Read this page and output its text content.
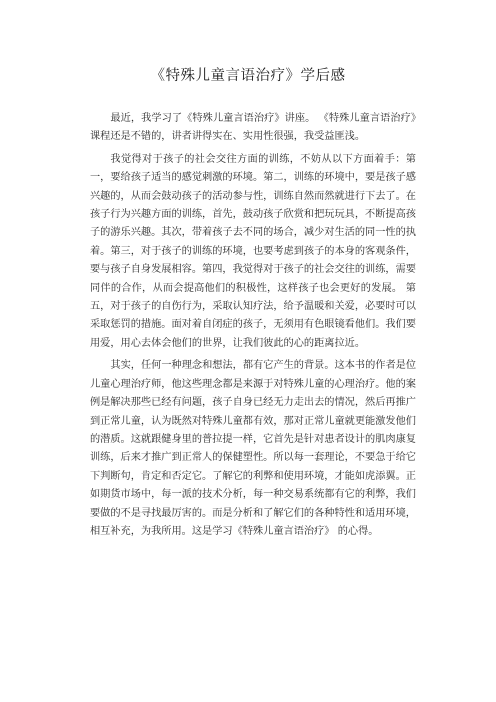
《特殊儿童言语治疗》学后感

最近，我学习了《特殊儿童言语治疗》讲座。 《特殊儿童言语治疗》课程还是不错的，讲者讲得实在、实用性很强，我受益匪浅。

我觉得对于孩子的社会交往方面的训练，不妨从以下方面着手：第一，要给孩子适当的感觉刺激的环境。第二，训练的环境中，要是孩子感兴趣的，从而会鼓动孩子的活动参与性，训练自然而然就进行下去了。在孩子行为兴趣方面的训练，首先，鼓动孩子欣赏和把玩玩具，不断提高孩子的游乐兴趣。其次，带着孩子去不同的场合，减少对生活的同一性的执着。第三，对于孩子的训练的环境，也要考虑到孩子的本身的客观条件，要与孩子自身发展相容。第四，我觉得对于孩子的社会交往的训练，需要同伴的合作，从而会提高他们的积极性，这样孩子也会更好的发展。 第五，对于孩子的自伤行为，采取认知疗法，给予温暖和关爱，必要时可以采取惩罚的措施。面对着自闭症的孩子，无须用有色眼镜看他们。我们要用爱，用心去体会他们的世界，让我们彼此的心的距离拉近。

其实，任何一种理念和想法，都有它产生的背景。这本书的作者是位儿童心理治疗师，他这些理念都是来源于对特殊儿童的心理治疗。他的案例是解决那些已经有问题，孩子自身已经无力走出去的情况，然后再推广到正常儿童，认为既然对特殊儿童都有效，那对正常儿童就更能激发他们的潜质。这就跟健身里的普拉提一样，它首先是针对患者设计的肌肉康复训练，后来才推广到正常人的保健塑性。所以每一套理论，不要急于给它下判断句，肯定和否定它。了解它的利弊和使用环境，才能如虎添翼。正如期货市场中，每一派的技术分析，每一种交易系统都有它的利弊，我们要做的不是寻找最厉害的。而是分析和了解它们的各种特性和适用环境，相互补充，为我所用。这是学习《特殊儿童言语治疗》 的心得。
